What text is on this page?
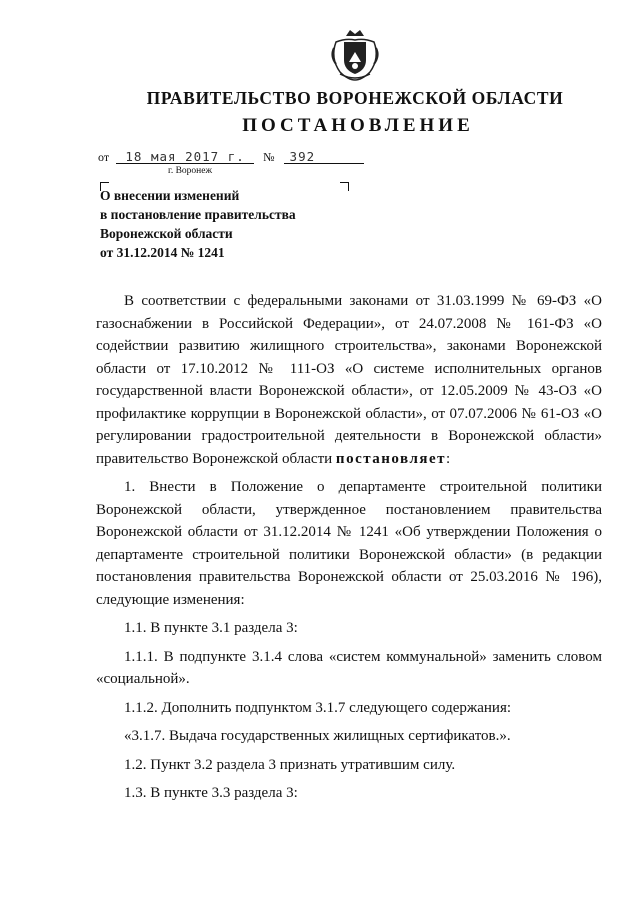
ПРАВИТЕЛЬСТВО ВОРОНЕЖСКОЙ ОБЛАСТИ
ПОСТАНОВЛЕНИЕ
от 18 мая 2017 г. № 392
г. Воронеж
О внесении изменений
в постановление правительства
Воронежской области
от 31.12.2014 № 1241

В соответствии с федеральными законами от 31.03.1999 № 69-ФЗ «О газоснабжении в Российской Федерации», от 24.07.2008 № 161-ФЗ «О содействии развитию жилищного строительства», законами Воронежской области от 17.10.2012 № 111-ОЗ «О системе исполнительных органов государственной власти Воронежской области», от 12.05.2009 № 43-ОЗ «О профилактике коррупции в Воронежской области», от 07.07.2006 № 61-ОЗ «О регулировании градостроительной деятельности в Воронежской области» правительство Воронежской области постановляет:

1. Внести в Положение о департаменте строительной политики Воронежской области, утвержденное постановлением правительства Воронежской области от 31.12.2014 № 1241 «Об утверждении Положения о департаменте строительной политики Воронежской области» (в редакции постановления правительства Воронежской области от 25.03.2016 № 196), следующие изменения:

1.1. В пункте 3.1 раздела 3:

1.1.1. В подпункте 3.1.4 слова «систем коммунальной» заменить словом «социальной».

1.1.2. Дополнить подпунктом 3.1.7 следующего содержания:

«3.1.7. Выдача государственных жилищных сертификатов.».

1.2. Пункт 3.2 раздела 3 признать утратившим силу.

1.3. В пункте 3.3 раздела 3:
